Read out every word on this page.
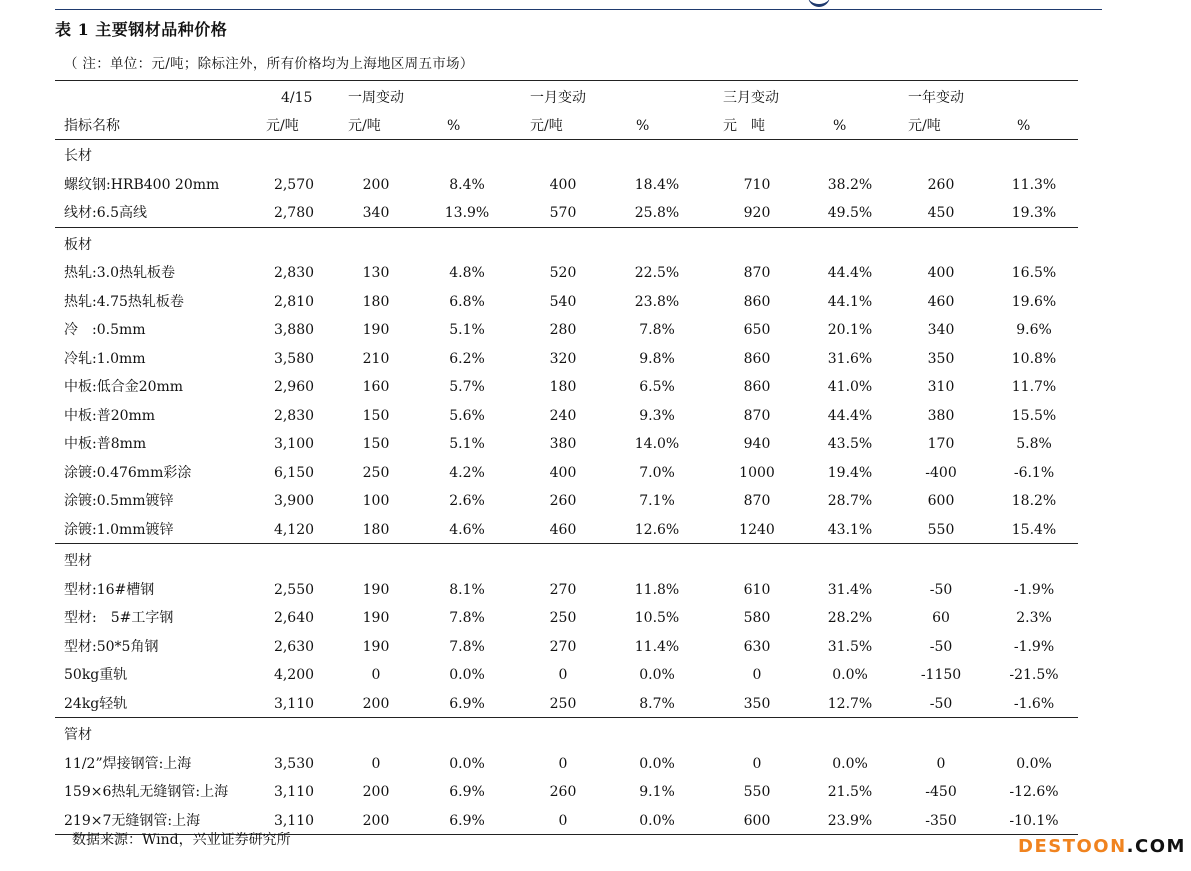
表 1 主要钢材品种价格
（ 注：单位：元/吨；除标注外，所有价格均为上海地区周五市场）
4/15	一周变动	一月变动	三月变动	一年变动
指标名称	元/吨	元/吨	%	元/吨	%	元　吨	%	元/吨	%
长材
螺纹钢:HRB400 20mm	2,570	200	8.4%	400	18.4%	710	38.2%	260	11.3%
线材:6.5高线	2,780	340	13.9%	570	25.8%	920	49.5%	450	19.3%
板材
热轧:3.0热轧板卷	2,830	130	4.8%	520	22.5%	870	44.4%	400	16.5%
热轧:4.75热轧板卷	2,810	180	6.8%	540	23.8%	860	44.1%	460	19.6%
冷　:0.5mm	3,880	190	5.1%	280	7.8%	650	20.1%	340	9.6%
冷轧:1.0mm	3,580	210	6.2%	320	9.8%	860	31.6%	350	10.8%
中板:低合金20mm	2,960	160	5.7%	180	6.5%	860	41.0%	310	11.7%
中板:普20mm	2,830	150	5.6%	240	9.3%	870	44.4%	380	15.5%
中板:普8mm	3,100	150	5.1%	380	14.0%	940	43.5%	170	5.8%
涂镀:0.476mm彩涂	6,150	250	4.2%	400	7.0%	1000	19.4%	-400	-6.1%
涂镀:0.5mm镀锌	3,900	100	2.6%	260	7.1%	870	28.7%	600	18.2%
涂镀:1.0mm镀锌	4,120	180	4.6%	460	12.6%	1240	43.1%	550	15.4%
型材
型材:16#槽钢	2,550	190	8.1%	270	11.8%	610	31.4%	-50	-1.9%
型材:　5#工字钢	2,640	190	7.8%	250	10.5%	580	28.2%	60	2.3%
型材:50*5角钢	2,630	190	7.8%	270	11.4%	630	31.5%	-50	-1.9%
50kg重轨	4,200	0	0.0%	0	0.0%	0	0.0%	-1150	-21.5%
24kg轻轨	3,110	200	6.9%	250	8.7%	350	12.7%	-50	-1.6%
管材
11/2”焊接钢管:上海	3,530	0	0.0%	0	0.0%	0	0.0%	0	0.0%
159×6热轧无缝钢管:上海	3,110	200	6.9%	260	9.1%	550	21.5%	-450	-12.6%
219×7无缝钢管:上海	3,110	200	6.9%	0	0.0%	600	23.9%	-350	-10.1%
数据来源：Wind，兴业证券研究所	DESTOON.COM
